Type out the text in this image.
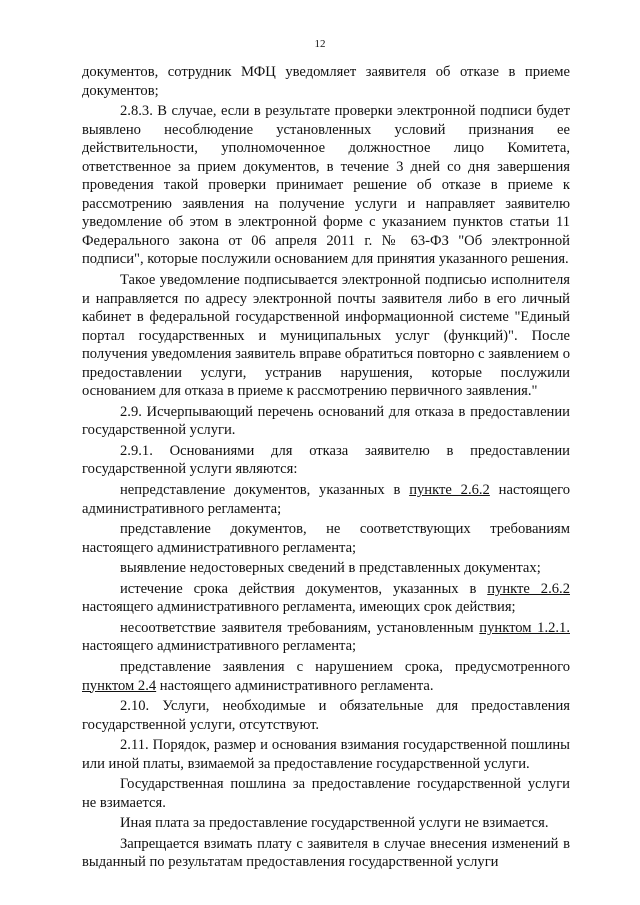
12

документов, сотрудник МФЦ уведомляет заявителя об отказе в приеме документов;

2.8.3. В случае, если в результате проверки электронной подписи будет выявлено несоблюдение установленных условий признания ее действительности, уполномоченное должностное лицо Комитета, ответственное за прием документов, в течение 3 дней со дня завершения проведения такой проверки принимает решение об отказе в приеме к рассмотрению заявления на получение услуги и направляет заявителю уведомление об этом в электронной форме с указанием пунктов статьи 11 Федерального закона от 06 апреля 2011 г. № 63-ФЗ "Об электронной подписи", которые послужили основанием для принятия указанного решения.

Такое уведомление подписывается электронной подписью исполнителя и направляется по адресу электронной почты заявителя либо в его личный кабинет в федеральной государственной информационной системе "Единый портал государственных и муниципальных услуг (функций)". После получения уведомления заявитель вправе обратиться повторно с заявлением о предоставлении услуги, устранив нарушения, которые послужили основанием для отказа в приеме к рассмотрению первичного заявления."

2.9. Исчерпывающий перечень оснований для отказа в предоставлении государственной услуги.

2.9.1. Основаниями для отказа заявителю в предоставлении государственной услуги являются:

непредставление документов, указанных в пункте 2.6.2 настоящего административного регламента;

представление документов, не соответствующих требованиям настоящего административного регламента;

выявление недостоверных сведений в представленных документах;

истечение срока действия документов, указанных в пункте 2.6.2 настоящего административного регламента, имеющих срок действия;

несоответствие заявителя требованиям, установленным пунктом 1.2.1. настоящего административного регламента;

представление заявления с нарушением срока, предусмотренного пунктом 2.4 настоящего административного регламента.

2.10. Услуги, необходимые и обязательные для предоставления государственной услуги, отсутствуют.

2.11. Порядок, размер и основания взимания государственной пошлины или иной платы, взимаемой за предоставление государственной услуги.

Государственная пошлина за предоставление государственной услуги не взимается.

Иная плата за предоставление государственной услуги не взимается.

Запрещается взимать плату с заявителя в случае внесения изменений в выданный по результатам предоставления государственной услуги
